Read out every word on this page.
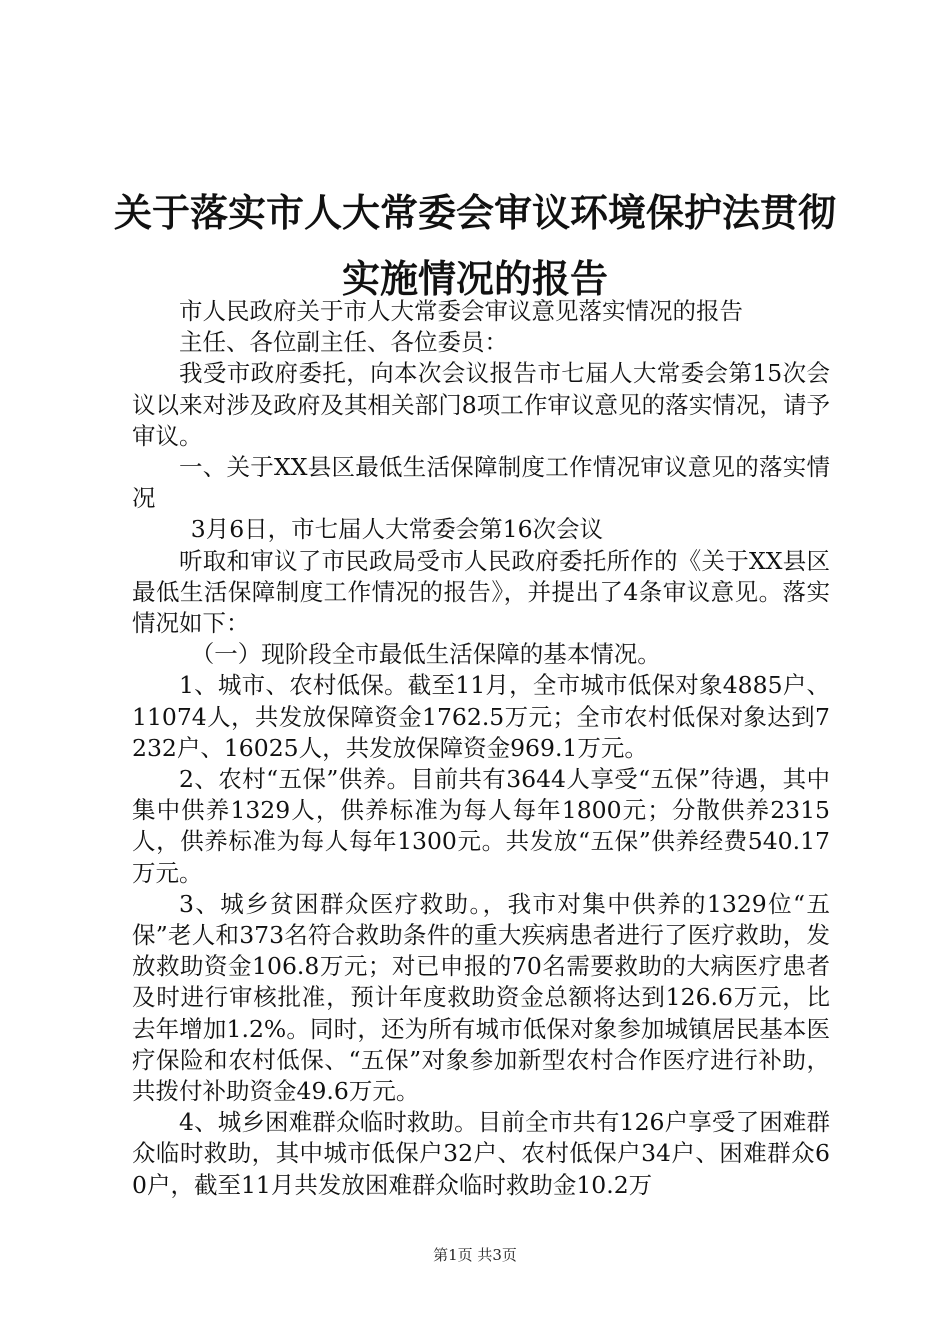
关于落实市人大常委会审议环境保护法贯彻实施情况的报告

市人民政府关于市人大常委会审议意见落实情况的报告

主任、各位副主任、各位委员：

我受市政府委托，向本次会议报告市七届人大常委会第15次会议以来对涉及政府及其相关部门8项工作审议意见的落实情况，请予审议。

一、关于XX县区最低生活保障制度工作情况审议意见的落实情况

3月6日，市七届人大常委会第16次会议

听取和审议了市民政局受市人民政府委托所作的《关于XX县区最低生活保障制度工作情况的报告》，并提出了4条审议意见。落实情况如下：

（一）现阶段全市最低生活保障的基本情况。

1、城市、农村低保。截至11月，全市城市低保对象4885户、11074人，共发放保障资金1762.5万元；全市农村低保对象达到7232户、16025人，共发放保障资金969.1万元。

2、农村“五保”供养。目前共有3644人享受“五保”待遇，其中集中供养1329人，供养标准为每人每年1800元；分散供养2315人，供养标准为每人每年1300元。共发放“五保”供养经费540.17万元。

3、城乡贫困群众医疗救助。，我市对集中供养的1329位“五保”老人和373名符合救助条件的重大疾病患者进行了医疗救助，发放救助资金106.8万元；对已申报的70名需要救助的大病医疗患者及时进行审核批准，预计年度救助资金总额将达到126.6万元，比去年增加1.2%。同时，还为所有城市低保对象参加城镇居民基本医疗保险和农村低保、“五保”对象参加新型农村合作医疗进行补助，共拨付补助资金49.6万元。

4、城乡困难群众临时救助。目前全市共有126户享受了困难群众临时救助，其中城市低保户32户、农村低保户34户、困难群众60户，截至11月共发放困难群众临时救助金10.2万

第1页 共3页
